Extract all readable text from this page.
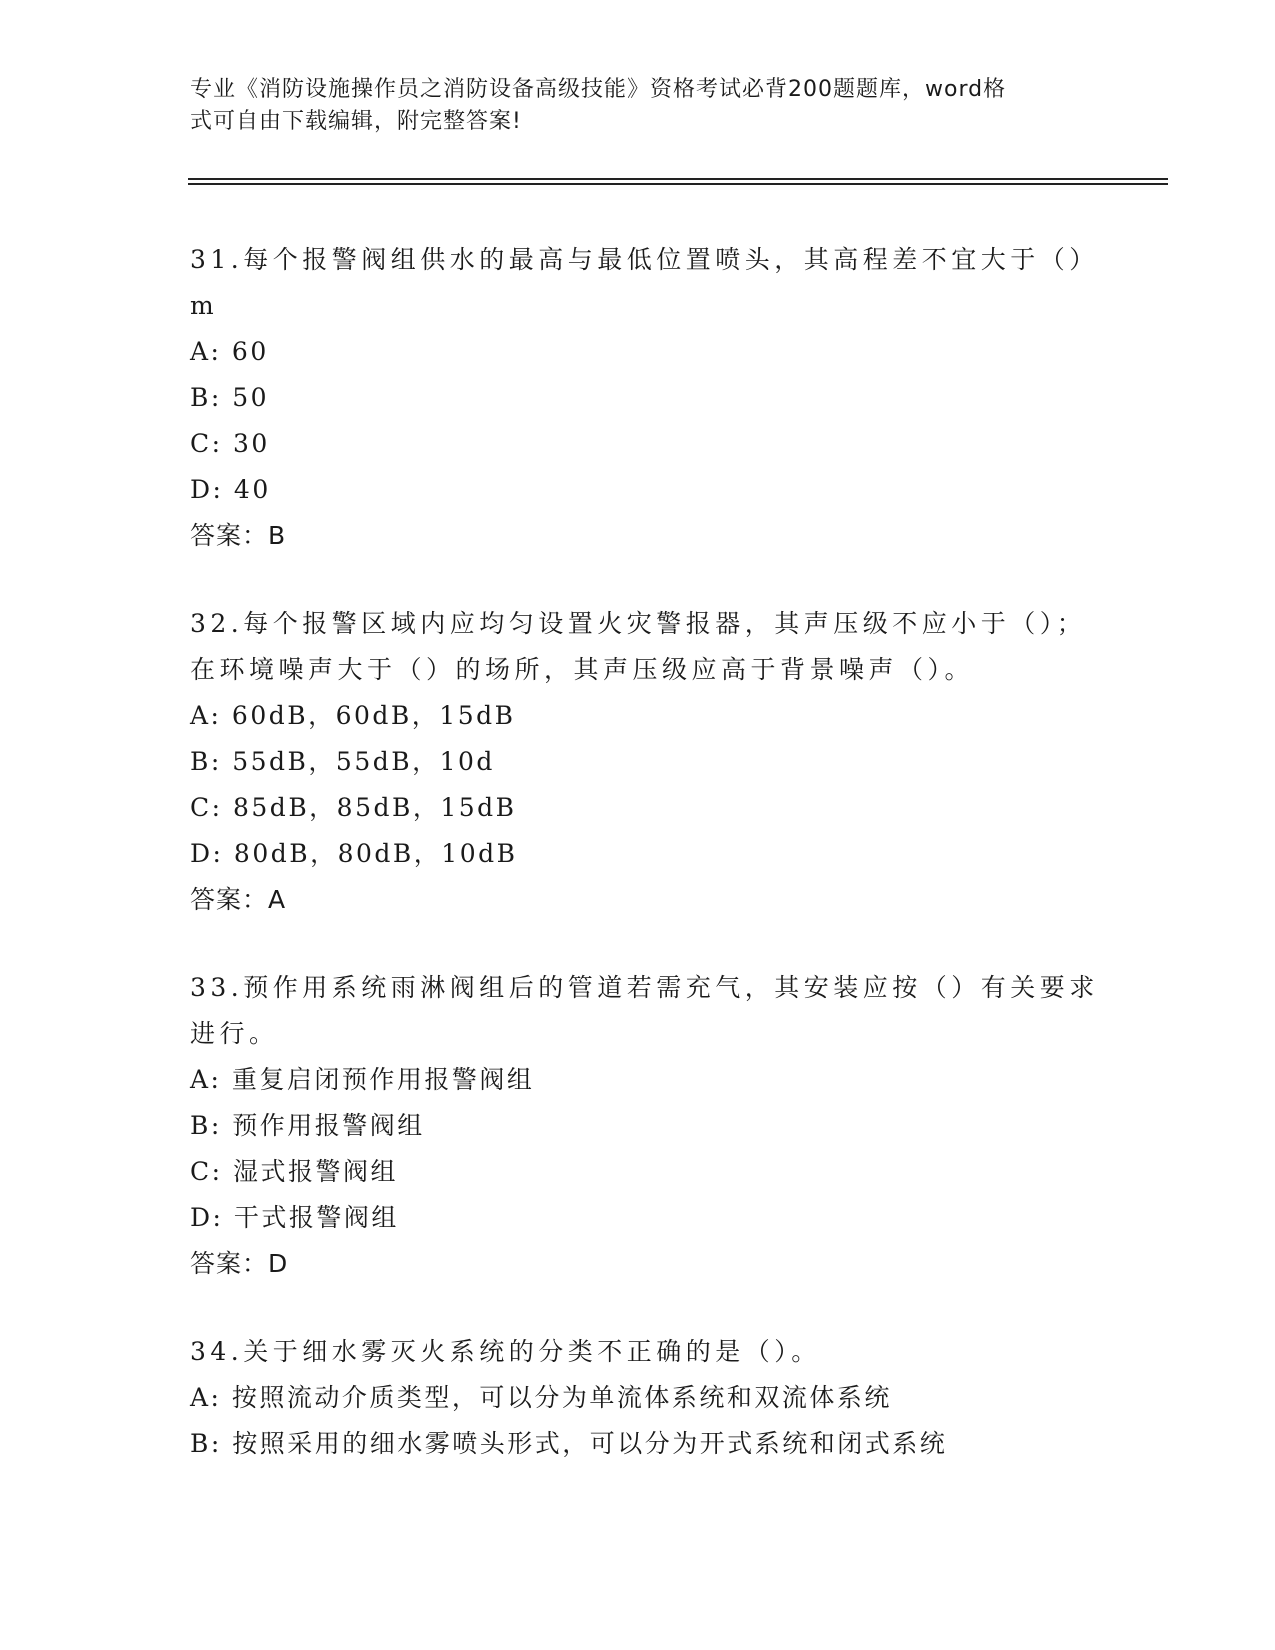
专业《消防设施操作员之消防设备高级技能》资格考试必背200题题库，word格
式可自由下载编辑，附完整答案!
31.每个报警阀组供水的最高与最低位置喷头，其高程差不宜大于（）
m
A: 60
B: 50
C: 30
D: 40
答案：B
32.每个报警区域内应均匀设置火灾警报器，其声压级不应小于（）；
在环境噪声大于（）的场所，其声压级应高于背景噪声（）。
A: 60dB，60dB，15dB
B: 55dB，55dB，10d
C: 85dB，85dB，15dB
D: 80dB，80dB，10dB
答案：A
33.预作用系统雨淋阀组后的管道若需充气，其安装应按（）有关要求
进行。
A: 重复启闭预作用报警阀组
B: 预作用报警阀组
C: 湿式报警阀组
D: 干式报警阀组
答案：D
34.关于细水雾灭火系统的分类不正确的是（）。
A: 按照流动介质类型，可以分为单流体系统和双流体系统
B: 按照采用的细水雾喷头形式，可以分为开式系统和闭式系统
